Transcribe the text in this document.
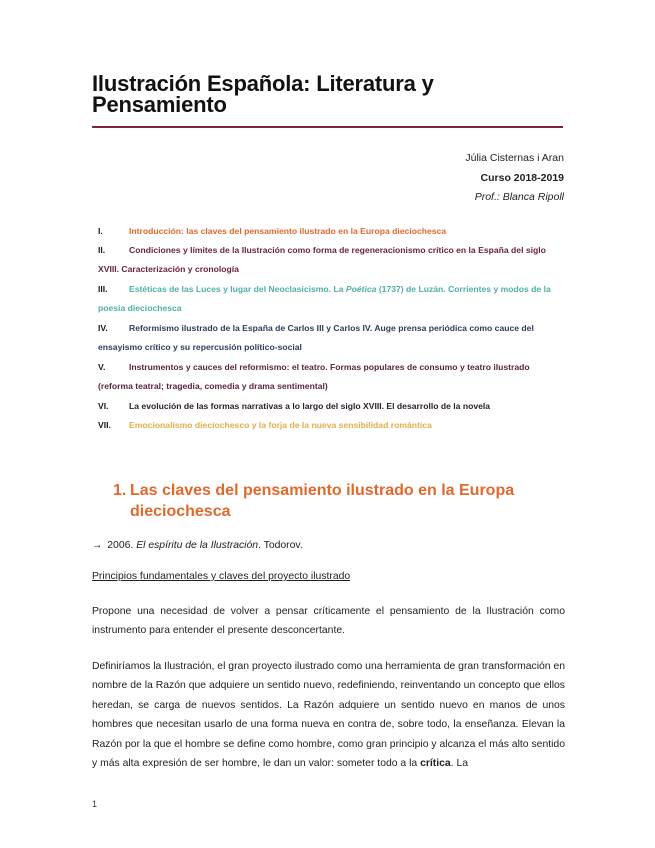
Ilustración Española: Literatura y
Pensamiento
Júlia Cisternas i Aran
Curso 2018-2019
Prof.: Blanca Ripoll
I.	Introducción: las claves del pensamiento ilustrado en la Europa dieciochesca
II.	Condiciones y límites de la Ilustración como forma de regeneracionismo crítico en la España del siglo XVIII. Caracterización y cronología
III.	Estéticas de las Luces y lugar del Neoclasicismo. La Poética (1737) de Luzán. Corrientes y modos de la poesía dieciochesca
IV.	Reformismo ilustrado de la España de Carlos III y Carlos IV. Auge prensa periódica como cauce del ensayismo crítico y su repercusión político-social
V.	Instrumentos y cauces del reformismo: el teatro. Formas populares de consumo y teatro ilustrado (reforma teatral; tragedia, comedia y drama sentimental)
VI.	La evolución de las formas narrativas a lo largo del siglo XVIII. El desarrollo de la novela
VII.	Emocionalismo dieciochesco y la forja de la nueva sensibilidad romántica
1. Las claves del pensamiento ilustrado en la Europa dieciochesca
→ 2006. El espíritu de la Ilustración. Todorov.
Principios fundamentales y claves del proyecto ilustrado
Propone una necesidad de volver a pensar críticamente el pensamiento de la Ilustración como instrumento para entender el presente desconcertante.
Definiríamos la Ilustración, el gran proyecto ilustrado como una herramienta de gran transformación en nombre de la Razón que adquiere un sentido nuevo, redefiniendo, reinventando un concepto que ellos heredan, se carga de nuevos sentidos. La Razón adquiere un sentido nuevo en manos de unos hombres que necesitan usarlo de una forma nueva en contra de, sobre todo, la enseñanza. Elevan la Razón por la que el hombre se define como hombre, como gran principio y alcanza el más alto sentido y más alta expresión de ser hombre, le dan un valor: someter todo a la crítica. La
1
